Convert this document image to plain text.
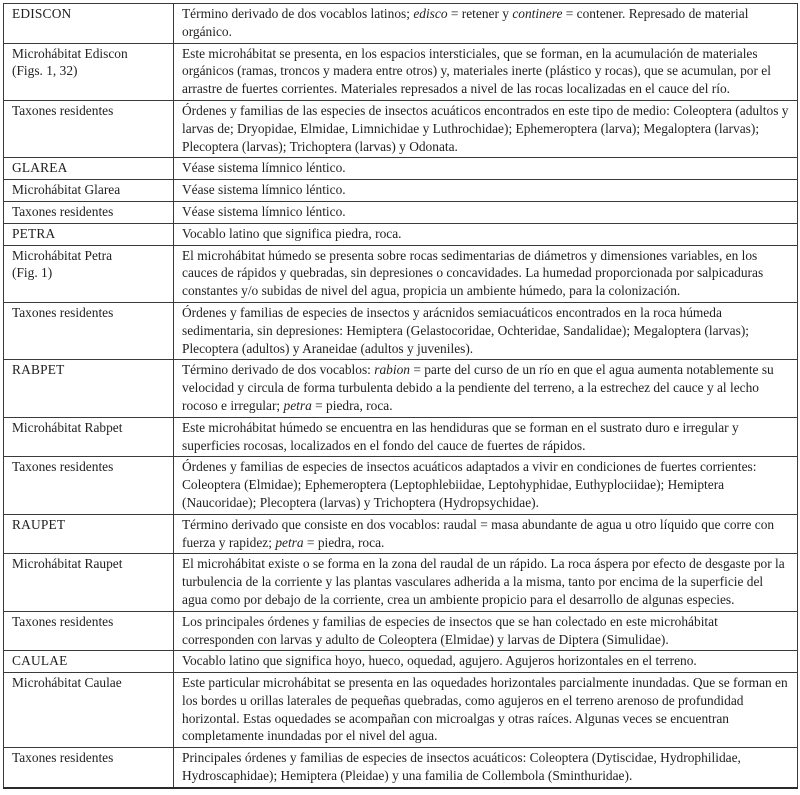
EDISCON	Término derivado de dos vocablos latinos; edisco = retener y continere = contener. Represado de material orgánico.

Microhábitat Ediscon
(Figs. 1, 32)	Este microhábitat se presenta, en los espacios intersticiales, que se forman, en la acumulación de materiales orgánicos (ramas, troncos y madera entre otros) y, materiales inerte (plástico y rocas), que se acumulan, por el arrastre de fuertes corrientes. Materiales represados a nivel de las rocas localizadas en el cauce del río.

Taxones residentes	Órdenes y familias de las especies de insectos acuáticos encontrados en este tipo de medio: Coleoptera (adultos y larvas de; Dryopidae, Elmidae, Limnichidae y Luthrochidae); Ephemeroptera (larva); Megaloptera (larvas); Plecoptera (larvas); Trichoptera (larvas) y Odonata.

GLAREA	Véase sistema límnico léntico.

Microhábitat Glarea	Véase sistema límnico léntico.

Taxones residentes	Véase sistema límnico léntico.

PETRA	Vocablo latino que significa piedra, roca.

Microhábitat Petra
(Fig. 1)	El microhábitat húmedo se presenta sobre rocas sedimentarias de diámetros y dimensiones variables, en los cauces de rápidos y quebradas, sin depresiones o concavidades. La humedad proporcionada por salpicaduras constantes y/o subidas de nivel del agua, propicia un ambiente húmedo, para la colonización.

Taxones residentes	Órdenes y familias de especies de insectos y arácnidos semiacuáticos encontrados en la roca húmeda sedimentaria, sin depresiones: Hemiptera (Gelastocoridae, Ochteridae, Sandalidae); Megaloptera (larvas); Plecoptera (adultos) y Araneidae (adultos y juveniles).

RABPET	Término derivado de dos vocablos: rabion = parte del curso de un río en que el agua aumenta notablemente su velocidad y circula de forma turbulenta debido a la pendiente del terreno, a la estrechez del cauce y al lecho rocoso e irregular; petra = piedra, roca.

Microhábitat Rabpet	Este microhábitat húmedo se encuentra en las hendiduras que se forman en el sustrato duro e irregular y superficies rocosas, localizados en el fondo del cauce de fuertes de rápidos.

Taxones residentes	Órdenes y familias de especies de insectos acuáticos adaptados a vivir en condiciones de fuertes corrientes: Coleoptera (Elmidae); Ephemeroptera (Leptophlebiidae, Leptohyphidae, Euthyplociidae); Hemiptera (Naucoridae); Plecoptera (larvas) y Trichoptera (Hydropsychidae).

RAUPET	Término derivado que consiste en dos vocablos: raudal = masa abundante de agua u otro líquido que corre con fuerza y rapidez; petra = piedra, roca.

Microhábitat Raupet	El microhábitat existe o se forma en la zona del raudal de un rápido. La roca áspera por efecto de desgaste por la turbulencia de la corriente y las plantas vasculares adherida a la misma, tanto por encima de la superficie del agua como por debajo de la corriente, crea un ambiente propicio para el desarrollo de algunas especies.

Taxones residentes	Los principales órdenes y familias de especies de insectos que se han colectado en este microhábitat corresponden con larvas y adulto de Coleoptera (Elmidae) y larvas de Diptera (Simulidae).

CAULAE	Vocablo latino que significa hoyo, hueco, oquedad, agujero. Agujeros horizontales en el terreno.

Microhábitat Caulae	Este particular microhábitat se presenta en las oquedades horizontales parcialmente inundadas. Que se forman en los bordes u orillas laterales de pequeñas quebradas, como agujeros en el terreno arenoso de profundidad horizontal. Estas oquedades se acompañan con microalgas y otras raíces. Algunas veces se encuentran completamente inundadas por el nivel del agua.

Taxones residentes	Principales órdenes y familias de especies de insectos acuáticos: Coleoptera (Dytiscidae, Hydrophilidae, Hydroscaphidae); Hemiptera (Pleidae) y una familia de Collembola (Sminthuridae).
